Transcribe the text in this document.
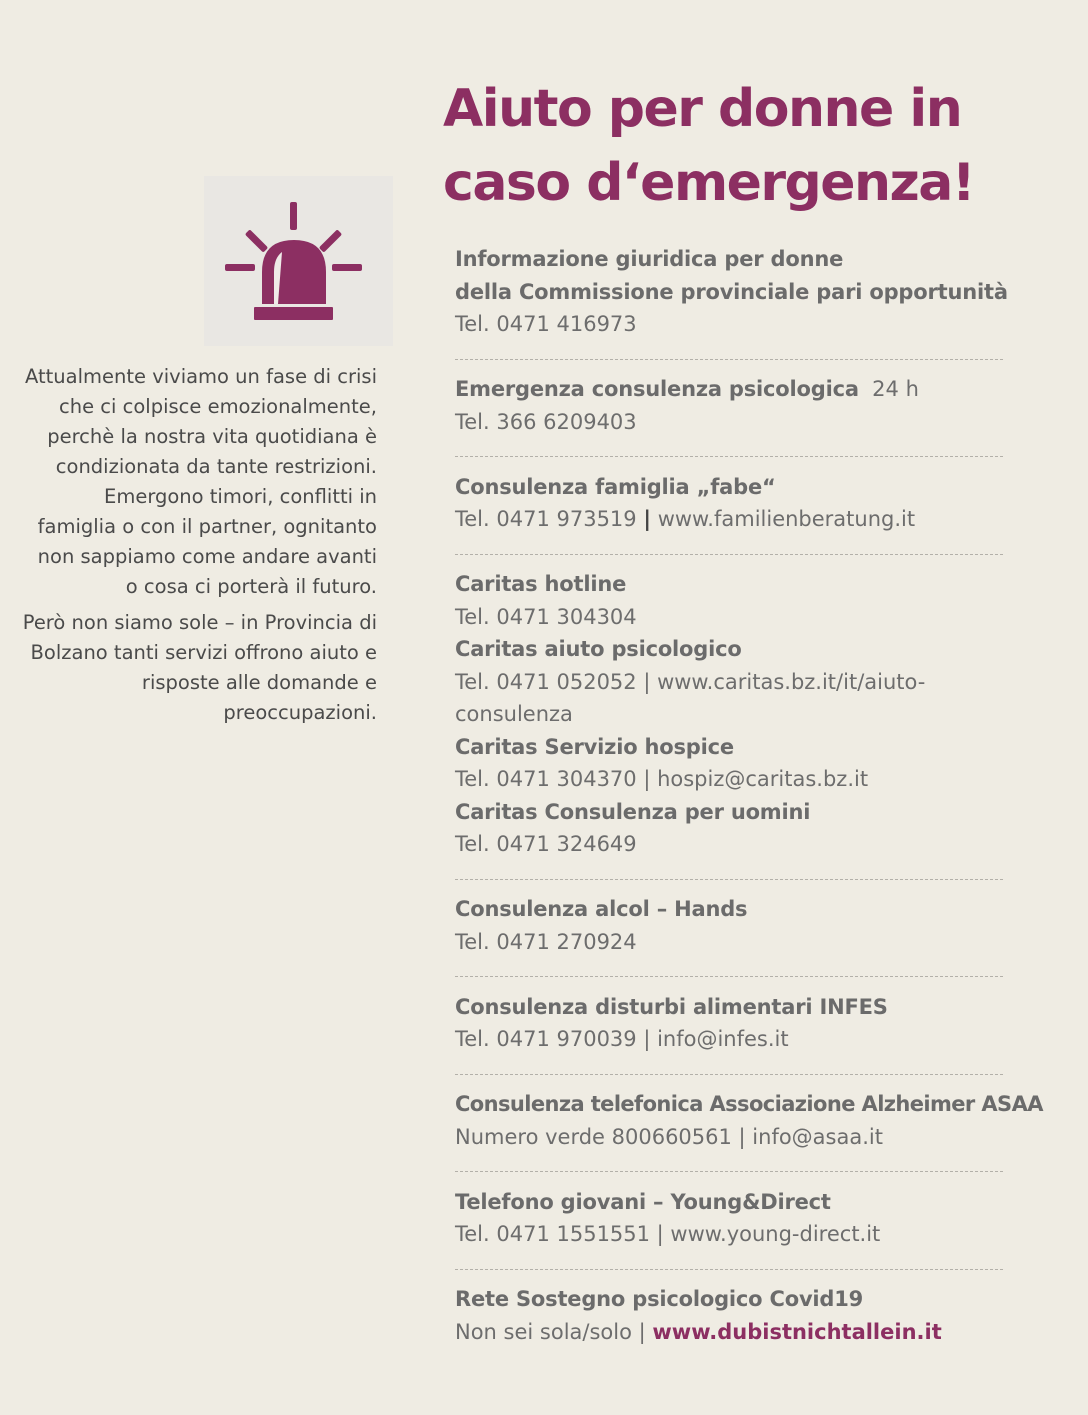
Aiuto per donne in
caso d‘emergenza!

Attualmente viviamo un fase di crisi che ci colpisce emozionalmente, perchè la nostra vita quotidiana è condizionata da tante restrizioni. Emergono timori, conflitti in famiglia o con il partner, ognitanto non sappiamo come andare avanti o cosa ci porterà il futuro.

Però non siamo sole – in Provincia di Bolzano tanti servizi offrono aiuto e risposte alle domande e preoccupazioni.

Informazione giuridica per donne
della Commissione provinciale pari opportunità
Tel. 0471 416973
Emergenza consulenza psicologica 24 h
Tel. 366 6209403
Consulenza famiglia „fabe“
Tel. 0471 973519 | www.familienberatung.it
Caritas hotline
Tel. 0471 304304
Caritas aiuto psicologico
Tel. 0471 052052 | www.caritas.bz.it/it/aiuto-
consulenza
Caritas Servizio hospice
Tel. 0471 304370 | hospiz@caritas.bz.it
Caritas Consulenza per uomini
Tel. 0471 324649
Consulenza alcol – Hands
Tel. 0471 270924
Consulenza disturbi alimentari INFES
Tel. 0471 970039 | info@infes.it
Consulenza telefonica Associazione Alzheimer ASAA
Numero verde 800660561 | info@asaa.it
Telefono giovani – Young&Direct
Tel. 0471 1551551 | www.young-direct.it
Rete Sostegno psicologico Covid19
Non sei sola/solo | www.dubistnichtallein.it
